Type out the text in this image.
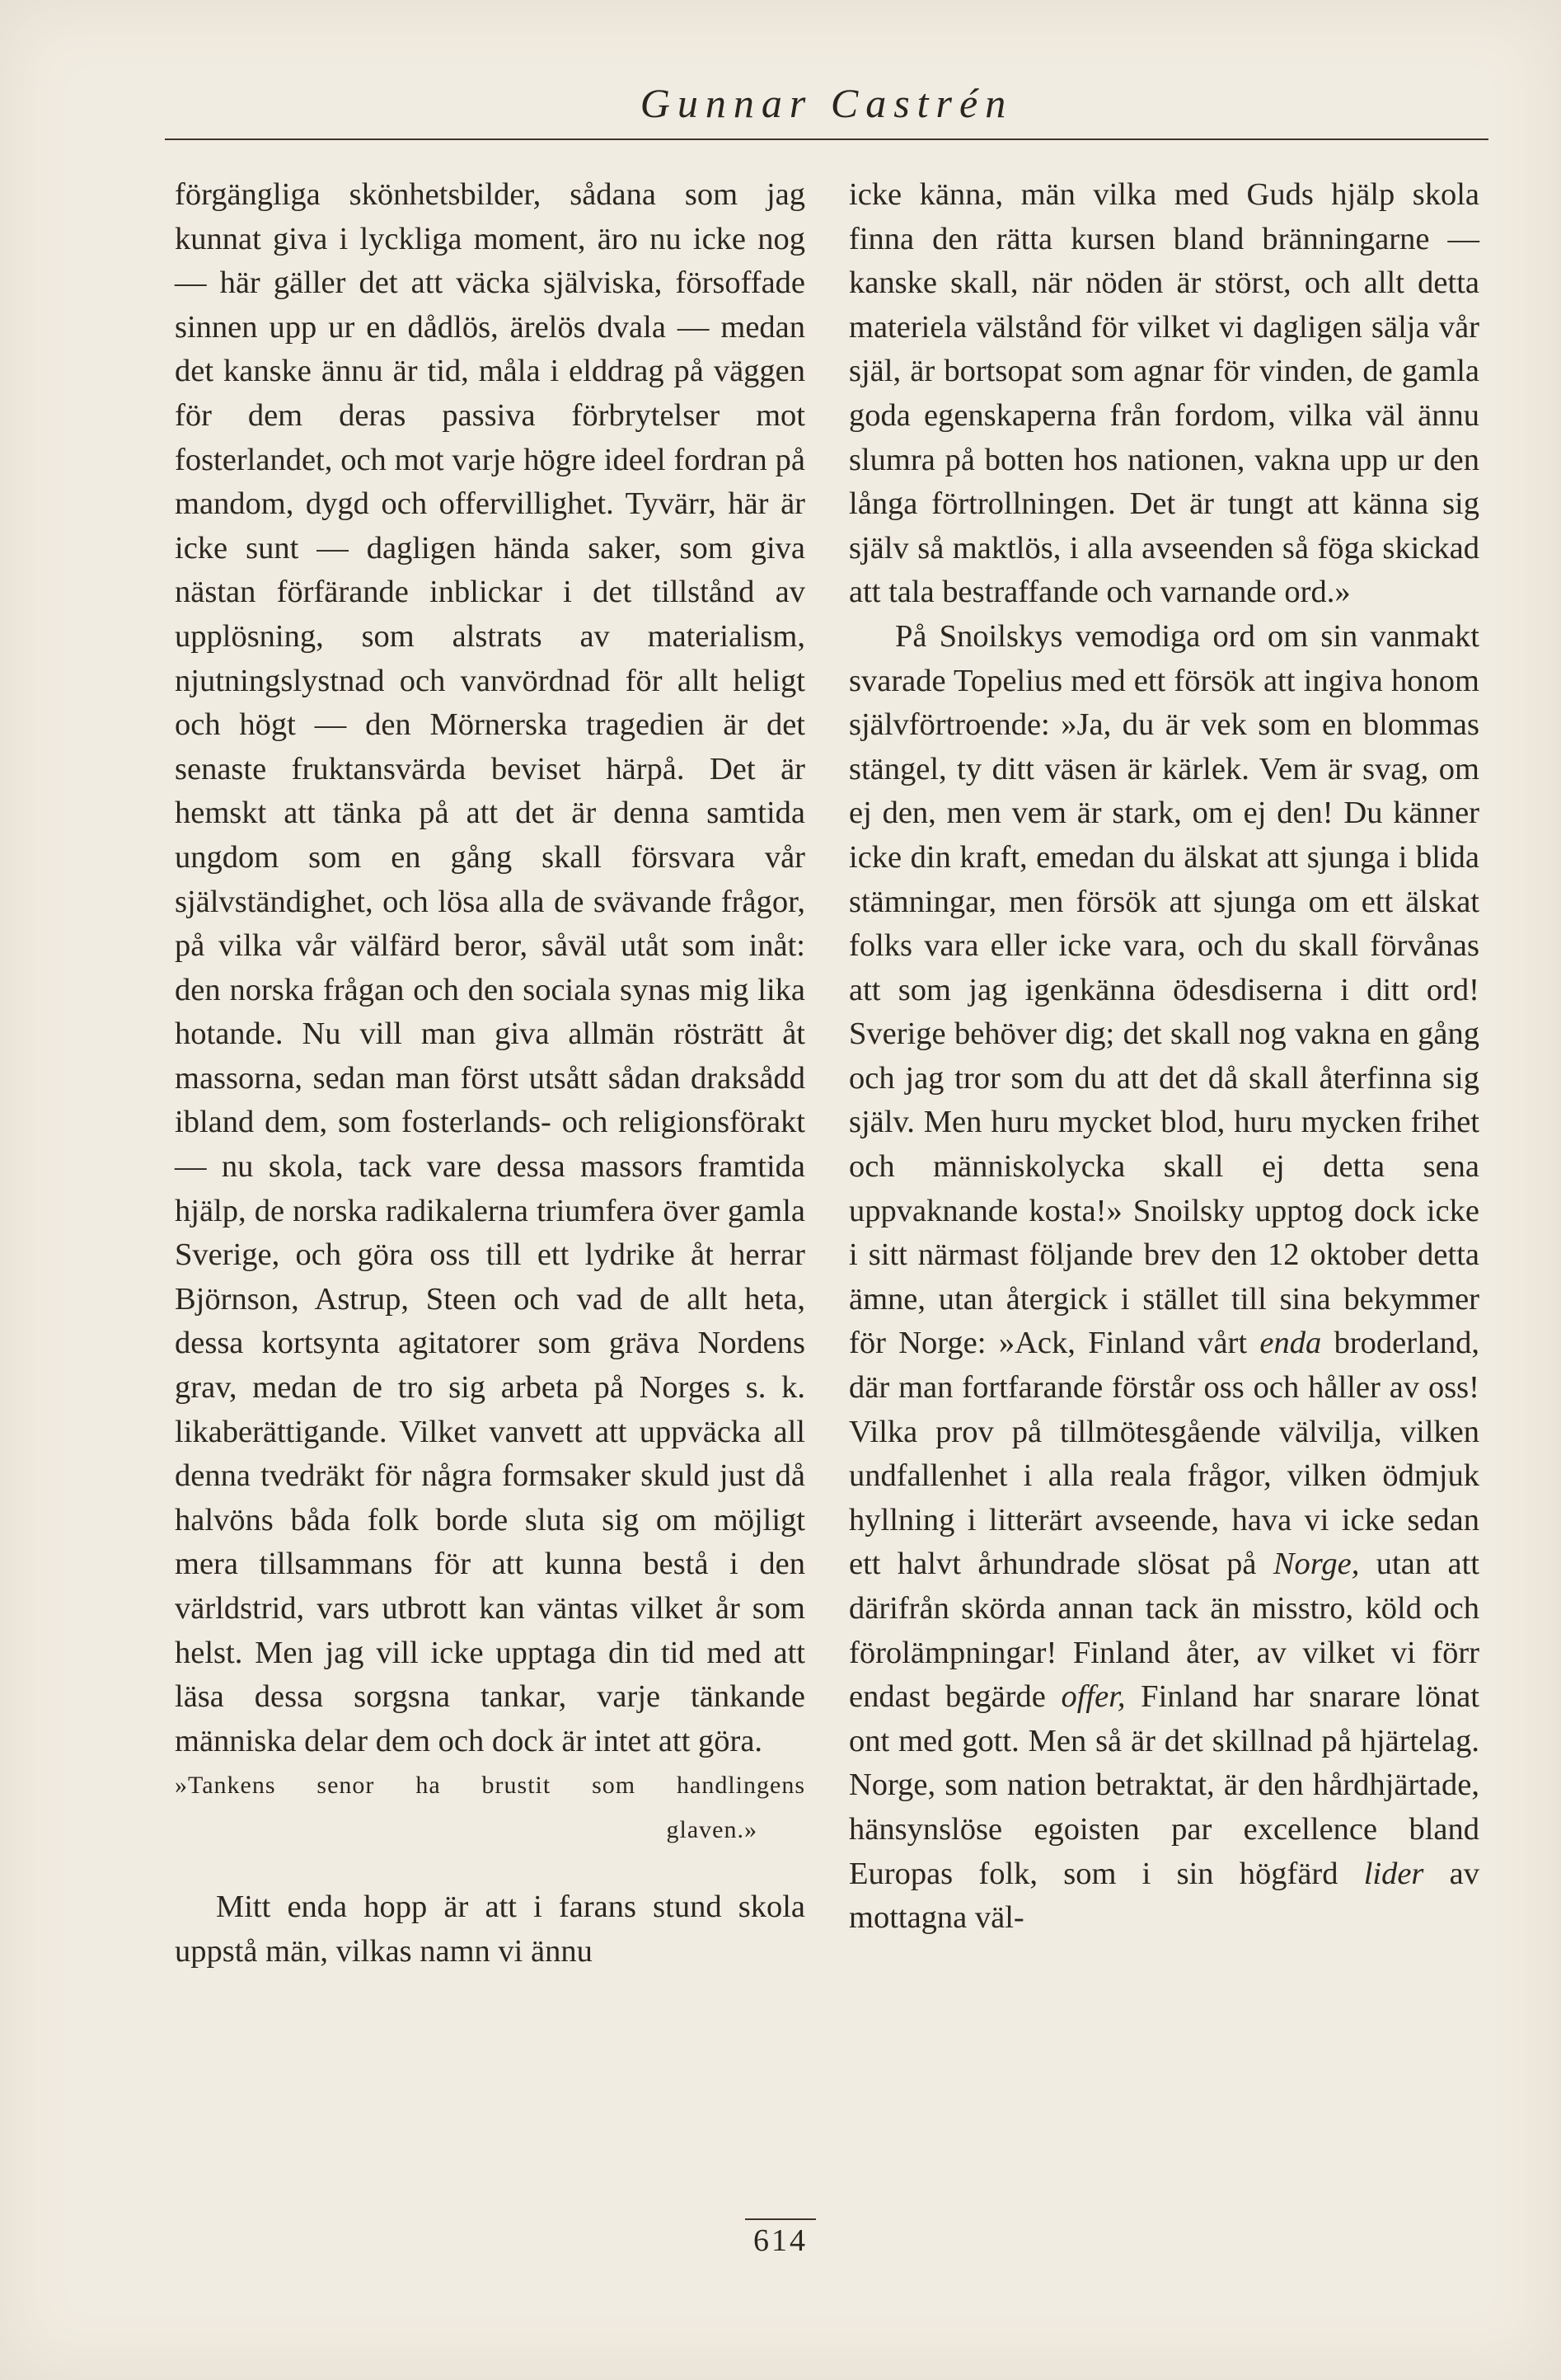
Gunnar Castrén

förgängliga skönhetsbilder, sådana som jag kunnat giva i lyckliga moment, äro nu icke nog — här gäller det att väcka själviska, försoffade sinnen upp ur en dådlös, ärelös dvala — medan det kanske ännu är tid, måla i elddrag på väggen för dem deras passiva förbrytelser mot fosterlandet, och mot varje högre ideel fordran på mandom, dygd och offervillighet. Tyvärr, här är icke sunt — dagligen hända saker, som giva nästan förfärande inblickar i det tillstånd av upplösning, som alstrats av materialism, njutningslystnad och vanvördnad för allt heligt och högt — den Mörnerska tragedien är det senaste fruktansvärda beviset härpå. Det är hemskt att tänka på att det är denna samtida ungdom som en gång skall försvara vår självständighet, och lösa alla de svävande frågor, på vilka vår välfärd beror, såväl utåt som inåt: den norska frågan och den sociala synas mig lika hotande. Nu vill man giva allmän rösträtt åt massorna, sedan man först utsått sådan draksådd ibland dem, som fosterlands- och religionsförakt — nu skola, tack vare dessa massors framtida hjälp, de norska radikalerna triumfera över gamla Sverige, och göra oss till ett lydrike åt herrar Björnson, Astrup, Steen och vad de allt heta, dessa kortsynta agitatorer som gräva Nordens grav, medan de tro sig arbeta på Norges s. k. likaberättigande. Vilket vanvett att uppväcka all denna tvedräkt för några formsaker skuld just då halvöns båda folk borde sluta sig om möjligt mera tillsammans för att kunna bestå i den världstrid, vars utbrott kan väntas vilket år som helst. Men jag vill icke upptaga din tid med att läsa dessa sorgsna tankar, varje tänkande människa delar dem och dock är intet att göra.

»Tankens senor ha brustit som handlingens
glaven.»

Mitt enda hopp är att i farans stund skola uppstå män, vilkas namn vi ännu

icke känna, män vilka med Guds hjälp skola finna den rätta kursen bland bränningarne — kanske skall, när nöden är störst, och allt detta materiela välstånd för vilket vi dagligen sälja vår själ, är bortsopat som agnar för vinden, de gamla goda egenskaperna från fordom, vilka väl ännu slumra på botten hos nationen, vakna upp ur den långa förtrollningen. Det är tungt att känna sig själv så maktlös, i alla avseenden så föga skickad att tala bestraffande och varnande ord.»

På Snoilskys vemodiga ord om sin vanmakt svarade Topelius med ett försök att ingiva honom självförtroende: »Ja, du är vek som en blommas stängel, ty ditt väsen är kärlek. Vem är svag, om ej den, men vem är stark, om ej den! Du känner icke din kraft, emedan du älskat att sjunga i blida stämningar, men försök att sjunga om ett älskat folks vara eller icke vara, och du skall förvånas att som jag igenkänna ödesdiserna i ditt ord! Sverige behöver dig; det skall nog vakna en gång och jag tror som du att det då skall återfinna sig själv. Men huru mycket blod, huru mycken frihet och människolycka skall ej detta sena uppvaknande kosta!» Snoilsky upptog dock icke i sitt närmast följande brev den 12 oktober detta ämne, utan återgick i stället till sina bekymmer för Norge: »Ack, Finland vårt enda broderland, där man fortfarande förstår oss och håller av oss! Vilka prov på tillmötesgående välvilja, vilken undfallenhet i alla reala frågor, vilken ödmjuk hyllning i litterärt avseende, hava vi icke sedan ett halvt århundrade slösat på Norge, utan att därifrån skörda annan tack än misstro, köld och förolämpningar! Finland åter, av vilket vi förr endast begärde offer, Finland har snarare lönat ont med gott. Men så är det skillnad på hjärtelag. Norge, som nation betraktat, är den hårdhjärtade, hänsynslöse egoisten par excellence bland Europas folk, som i sin högfärd lider av mottagna väl-

614
